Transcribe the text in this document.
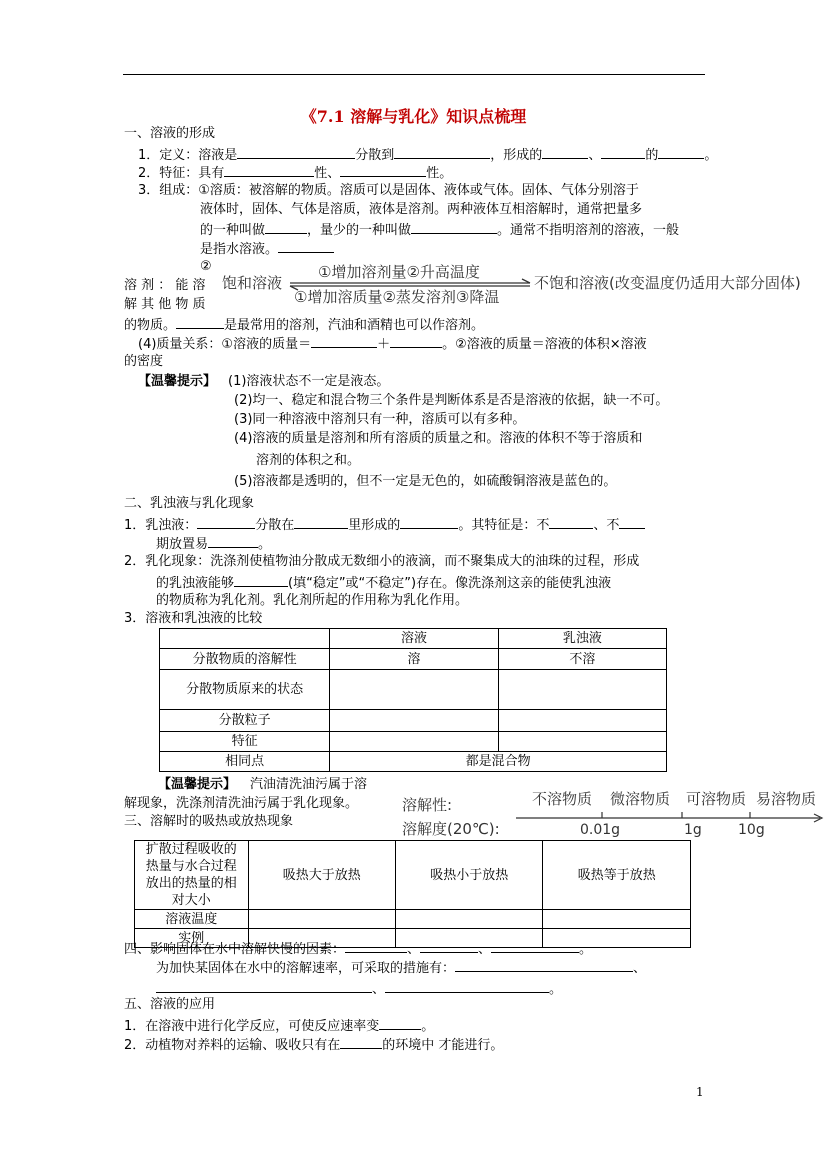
《7.1 溶解与乳化》知识点梳理
一、溶液的形成
1．定义：溶液是	分散到	，形成的	、	的	。
2．特征：具有	性、	性。
3．组成：①溶质：被溶解的物质。溶质可以是固体、液体或气体。固体、气体分别溶于
液体时，固体、气体是溶质，液体是溶剂。两种液体互相溶解时，通常把量多
的一种叫做	，量少的一种叫做	。通常不指明溶剂的溶液，一般
是指水溶液。
②
溶 剂 ： 能 溶
解 其 他 物 质
的物质。	是最常用的溶剂，汽油和酒精也可以作溶剂。
饱和溶液
①增加溶剂量②升高温度
①增加溶质量②蒸发溶剂③降温
不饱和溶液(改变温度仍适用大部分固体)
(4)质量关系：①溶液的质量＝	＋	。②溶液的质量＝溶液的体积×溶液
的密度
【温馨提示】 (1)溶液状态不一定是液态。
(2)均一、稳定和混合物三个条件是判断体系是否是溶液的依据，缺一不可。
(3)同一种溶液中溶剂只有一种，溶质可以有多种。
(4)溶液的质量是溶剂和所有溶质的质量之和。溶液的体积不等于溶质和
溶剂的体积之和。
(5)溶液都是透明的，但不一定是无色的，如硫酸铜溶液是蓝色的。
二、乳浊液与乳化现象
1．乳浊液：	分散在	里形成的	。其特征是：不	、不
期放置易	。
2．乳化现象：洗涤剂使植物油分散成无数细小的液滴，而不聚集成大的油珠的过程，形成
的乳浊液能够	(填“稳定”或“不稳定”)存在。像洗涤剂这亲的能使乳浊液
的物质称为乳化剂。乳化剂所起的作用称为乳化作用。
3．溶液和乳浊液的比较
	溶液	乳浊液
分散物质的溶解性	溶	不溶
分散物质原来的状态		
分散粒子		
特征		
相同点	都是混合物	
【温馨提示】 汽油清洗油污属于溶
解现象，洗涤剂清洗油污属于乳化现象。	溶解性:
溶解度(20℃):
不溶物质 微溶物质 可溶物质 易溶物质
0.01g	1g	10g
三、溶解时的吸热或放热现象
扩散过程吸收的热量与水合过程放出的热量的相对大小	吸热大于放热	吸热小于放热	吸热等于放热
溶液温度			
实例			
四、影响固体在水中溶解快慢的因素：	、	、	。
为加快某固体在水中的溶解速率，可采取的措施有：	、
、	。
五、溶液的应用
1．在溶液中进行化学反应，可使反应速率变	。
2．动植物对养料的运输、吸收只有在	的环境中 才能进行。
1
